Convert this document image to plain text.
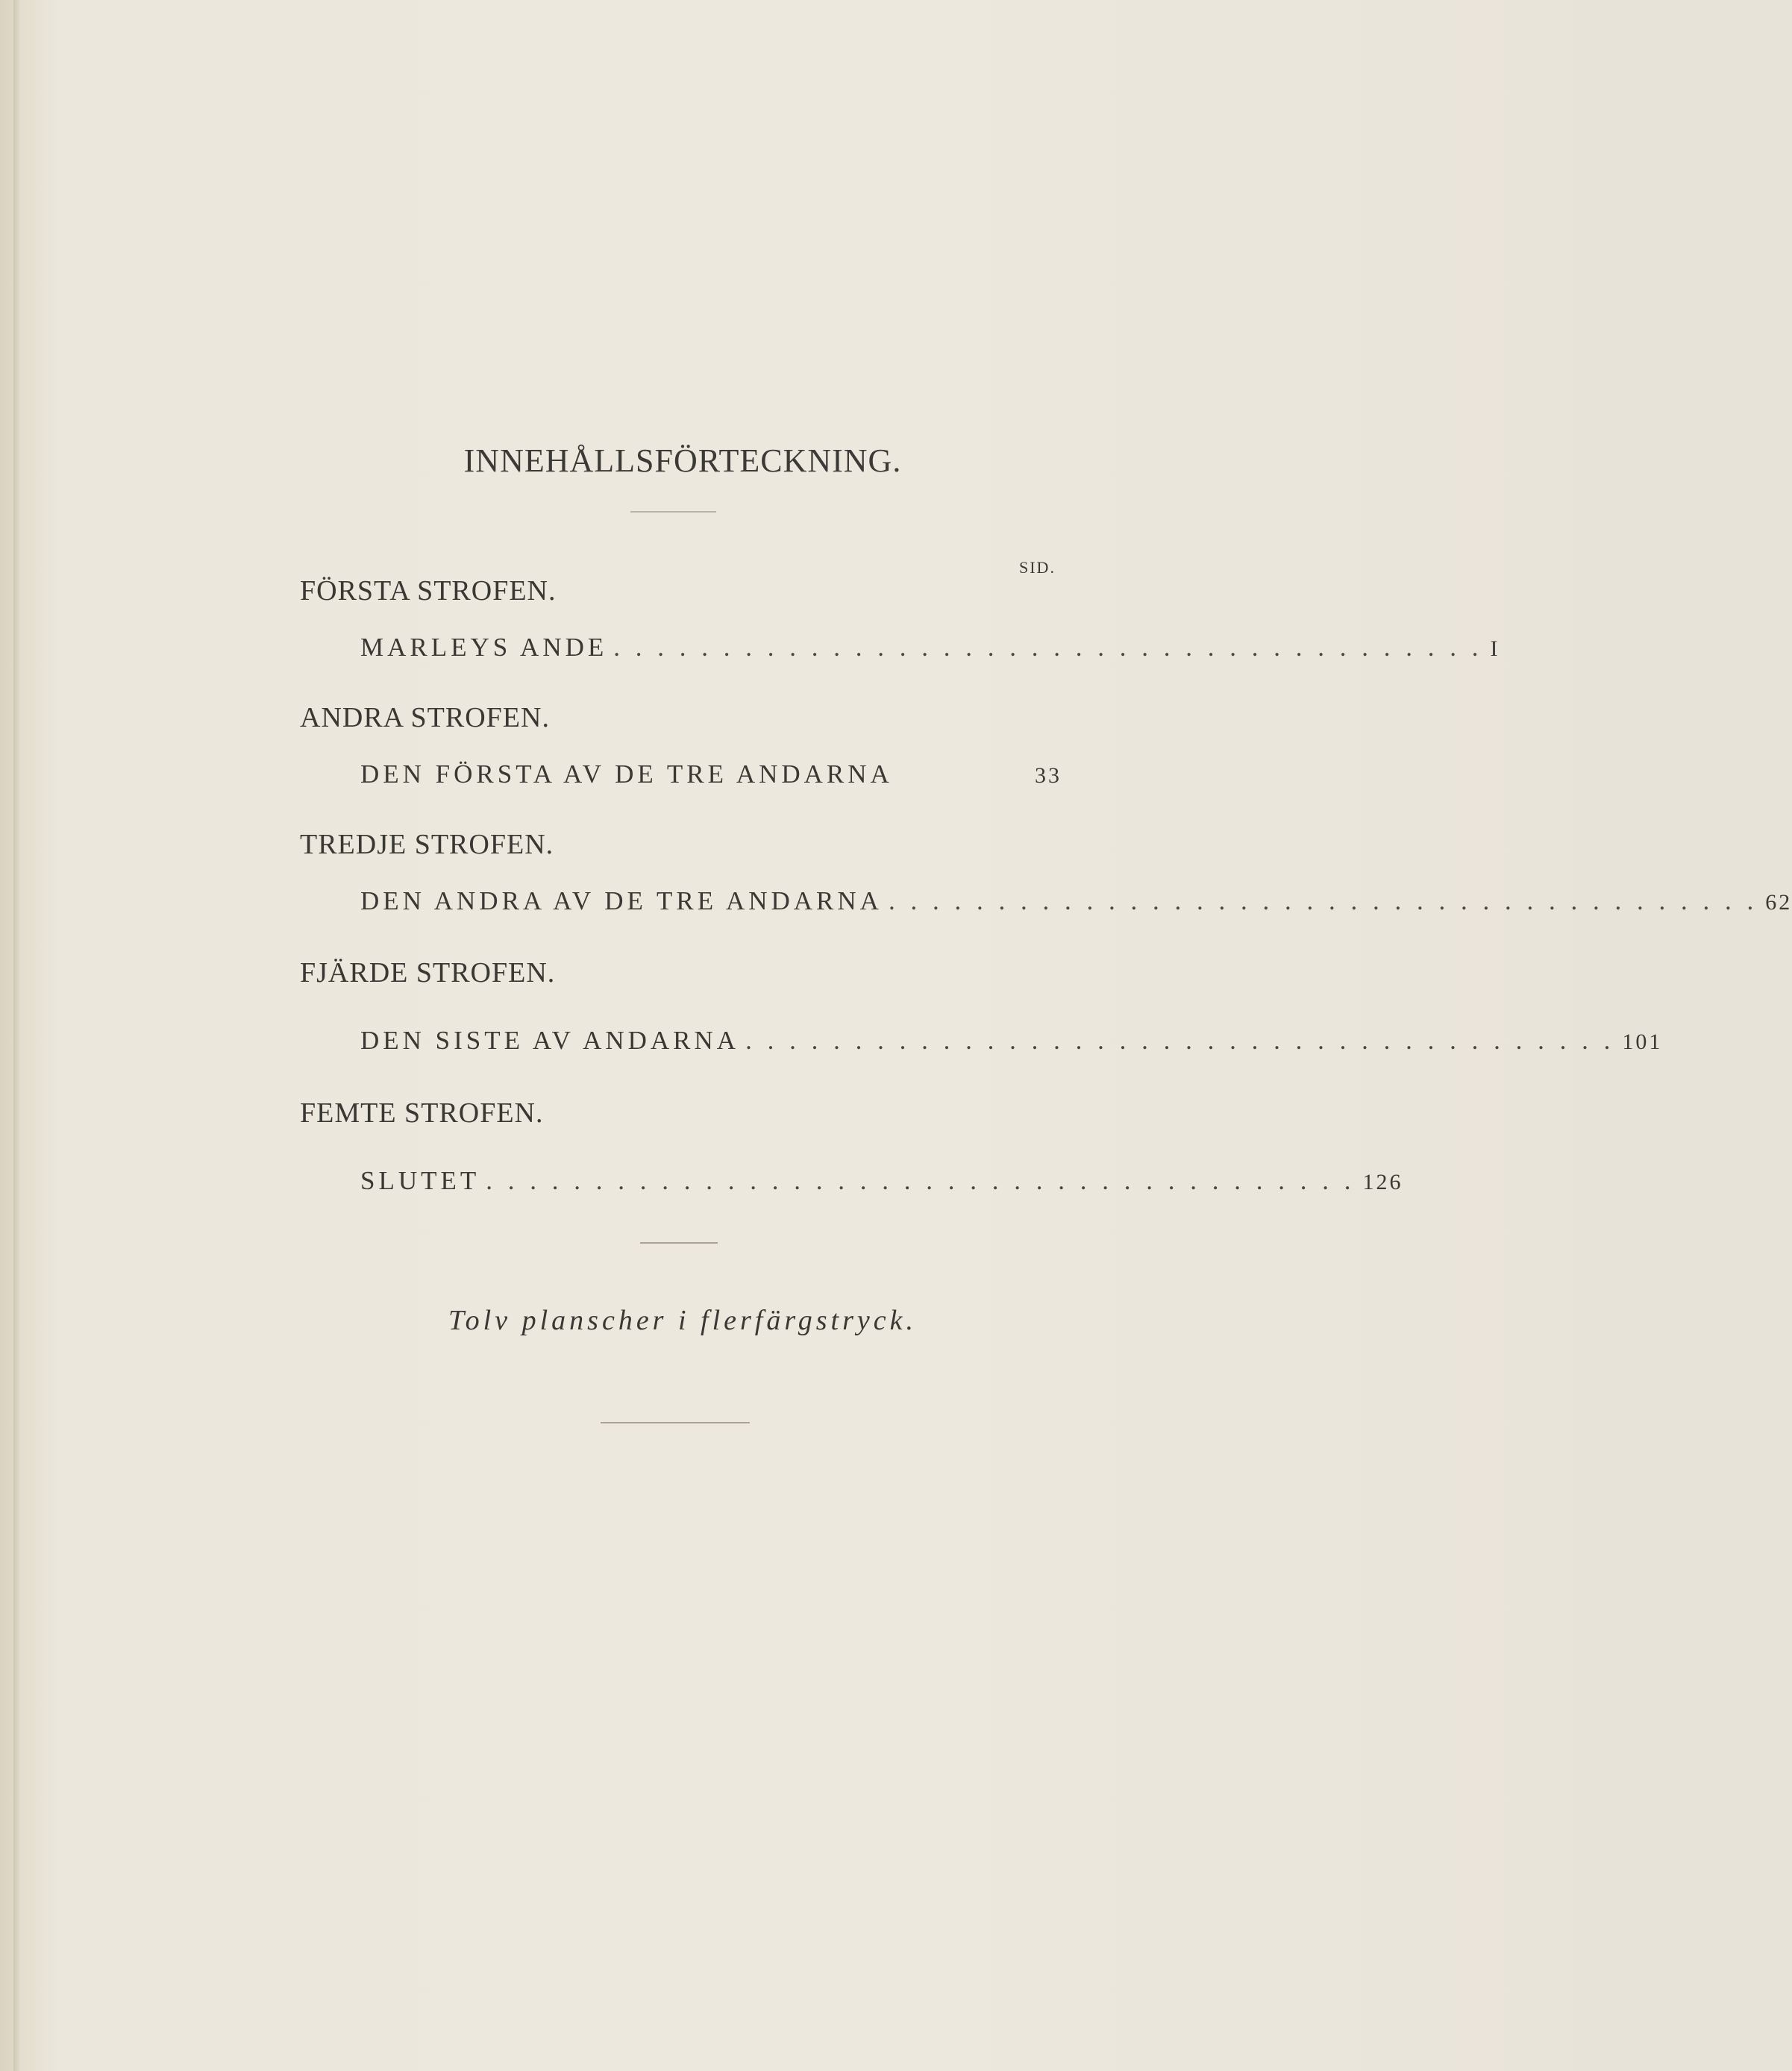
INNEHÅLLSFÖRTECKNING.
SID.
FÖRSTA STROFEN.
MARLEYS ANDE . . . . . . . . . . . . . . . . . . . . . . . . . . . . . . . . . . . . . . . . I
ANDRA STROFEN.
DEN FÖRSTA AV DE TRE ANDARNA	33
TREDJE STROFEN.
DEN ANDRA AV DE TRE ANDARNA . . . . . . . . . . . . . . . . . . . . . . . . . . . . . . . . . . . . . . . . 62
FJÄRDE STROFEN.
DEN SISTE AV ANDARNA . . . . . . . . . . . . . . . . . . . . . . . . . . . . . . . . . . . . . . . . 101
FEMTE STROFEN.
SLUTET . . . . . . . . . . . . . . . . . . . . . . . . . . . . . . . . . . . . . . . . 126
Tolv planscher i flerfärgstryck.
